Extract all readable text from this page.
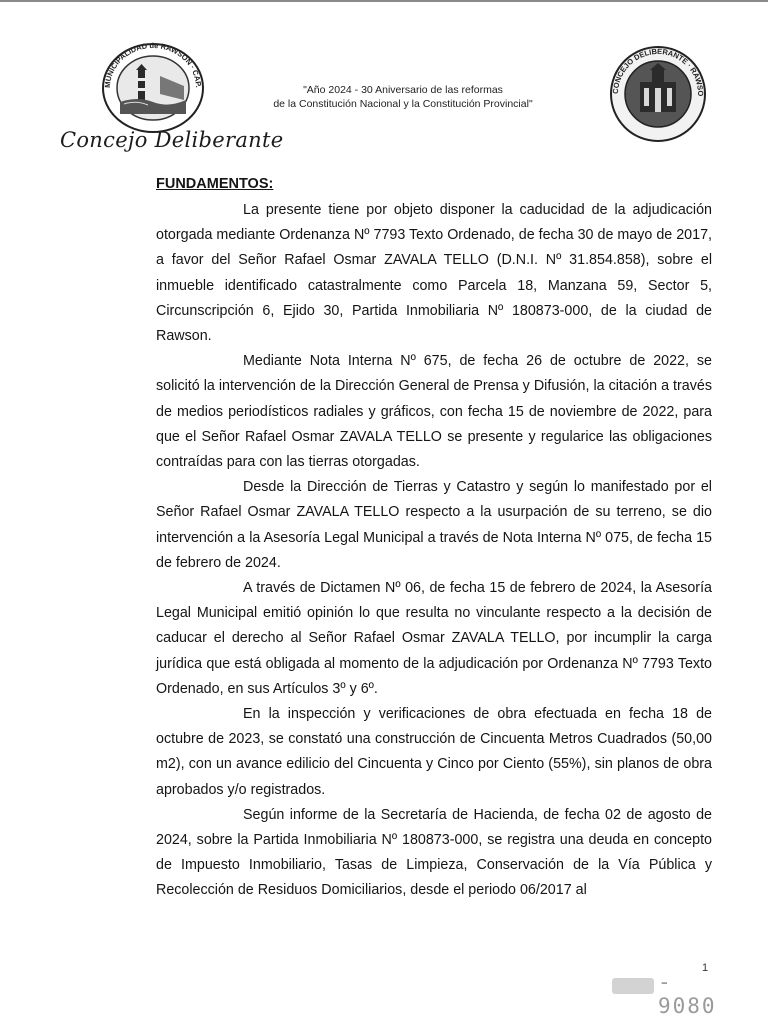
MUNICIPALIDAD de RAWSON · CAP.	"Año 2024 - 30 Aniversario de las reformas
de la Constitución Nacional y la Constitución Provincial"
CONCEJO DELIBERANTE · RAWSO
Concejo Deliberante
FUNDAMENTOS:

La presente tiene por objeto disponer la caducidad de la adjudicación otorgada mediante Ordenanza Nº 7793 Texto Ordenado, de fecha 30 de mayo de 2017, a favor del Señor Rafael Osmar ZAVALA TELLO (D.N.I. Nº 31.854.858), sobre el inmueble identificado catastralmente como Parcela 18, Manzana 59, Sector 5, Circunscripción 6, Ejido 30, Partida Inmobiliaria Nº 180873-000, de la ciudad de Rawson.

Mediante Nota Interna Nº 675, de fecha 26 de octubre de 2022, se solicitó la intervención de la Dirección General de Prensa y Difusión, la citación a través de medios periodísticos radiales y gráficos, con fecha 15 de noviembre de 2022, para que el Señor Rafael Osmar ZAVALA TELLO se presente y regularice las obligaciones contraídas para con las tierras otorgadas.

Desde la Dirección de Tierras y Catastro y según lo manifestado por el Señor Rafael Osmar ZAVALA TELLO respecto a la usurpación de su terreno, se dio intervención a la Asesoría Legal Municipal a través de Nota Interna Nº 075, de fecha 15 de febrero de 2024.

A través de Dictamen Nº 06, de fecha 15 de febrero de 2024, la Asesoría Legal Municipal emitió opinión lo que resulta no vinculante respecto a la decisión de caducar el derecho al Señor Rafael Osmar ZAVALA TELLO, por incumplir la carga jurídica que está obligada al momento de la adjudicación por Ordenanza Nº 7793 Texto Ordenado, en sus Artículos 3º y 6º.

En la inspección y verificaciones de obra efectuada en fecha 18 de octubre de 2023, se constató una construcción de Cincuenta Metros Cuadrados (50,00 m2), con un avance edilicio del Cincuenta y Cinco por Ciento (55%), sin planos de obra aprobados y/o registrados.

Según informe de la Secretaría de Hacienda, de fecha 02 de agosto de 2024, sobre la Partida Inmobiliaria Nº 180873-000, se registra una deuda en concepto de Impuesto Inmobiliario, Tasas de Limpieza, Conservación de la Vía Pública y Recolección de Residuos Domiciliarios, desde el periodo 06/2017 al

- 9080
1
